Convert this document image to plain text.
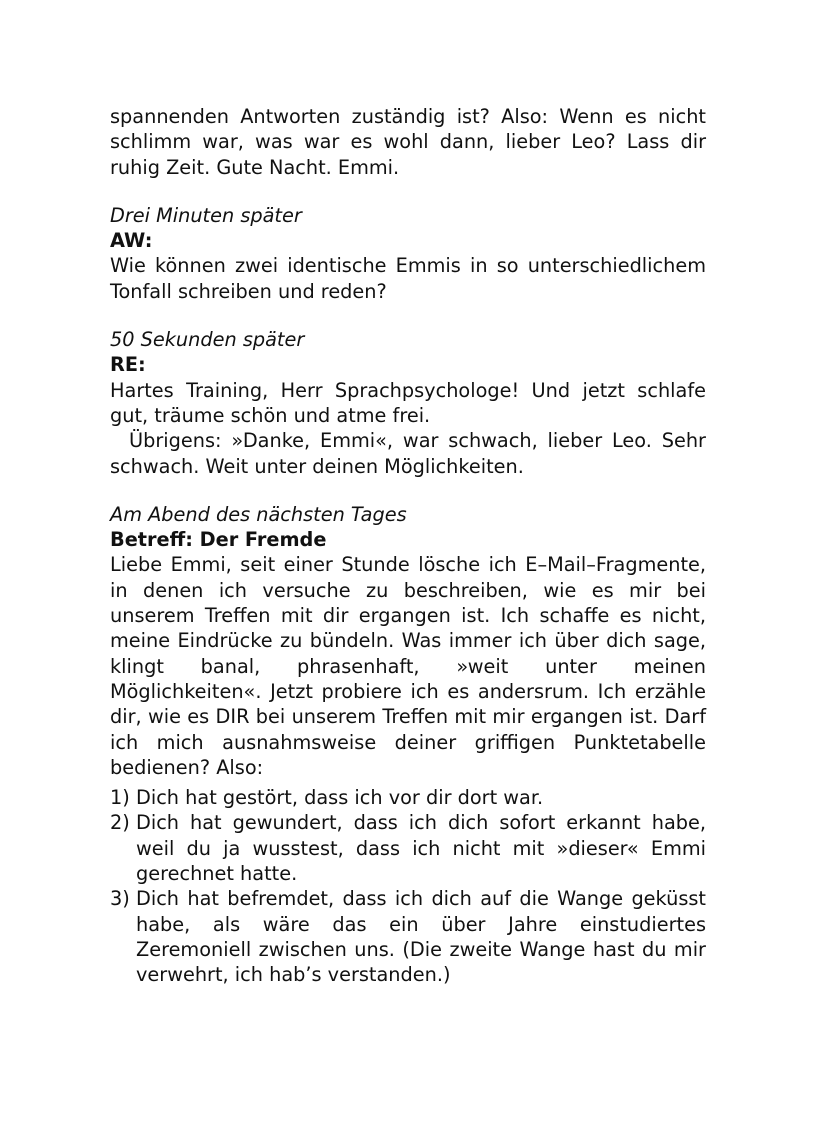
spannenden Antworten zuständig ist? Also: Wenn es nicht schlimm war, was war es wohl dann, lieber Leo? Lass dir ruhig Zeit. Gute Nacht. Emmi.

Drei Minuten später
AW:

Wie können zwei identische Emmis in so unterschiedlichem Tonfall schreiben und reden?

50 Sekunden später
RE:

Hartes Training, Herr Sprachpsychologe! Und jetzt schlafe gut, träume schön und atme frei.

Übrigens: »Danke, Emmi«, war schwach, lieber Leo. Sehr schwach. Weit unter deinen Möglichkeiten.

Am Abend des nächsten Tages
Betreff: Der Fremde

Liebe Emmi, seit einer Stunde lösche ich E–Mail–Fragmente, in denen ich versuche zu beschreiben, wie es mir bei unserem Treffen mit dir ergangen ist. Ich schaffe es nicht, meine Eindrücke zu bündeln. Was immer ich über dich sage, klingt banal, phrasenhaft, »weit unter meinen Möglichkeiten«. Jetzt probiere ich es andersrum. Ich erzähle dir, wie es DIR bei unserem Treffen mit mir ergangen ist. Darf ich mich ausnahmsweise deiner griffigen Punktetabelle bedienen? Also:

1) Dich hat gestört, dass ich vor dir dort war.
2) Dich hat gewundert, dass ich dich sofort erkannt habe, weil du ja wusstest, dass ich nicht mit »dieser« Emmi gerechnet hatte.
3) Dich hat befremdet, dass ich dich auf die Wange geküsst habe, als wäre das ein über Jahre einstudiertes Zeremoniell zwischen uns. (Die zweite Wange hast du mir verwehrt, ich hab’s verstanden.)
